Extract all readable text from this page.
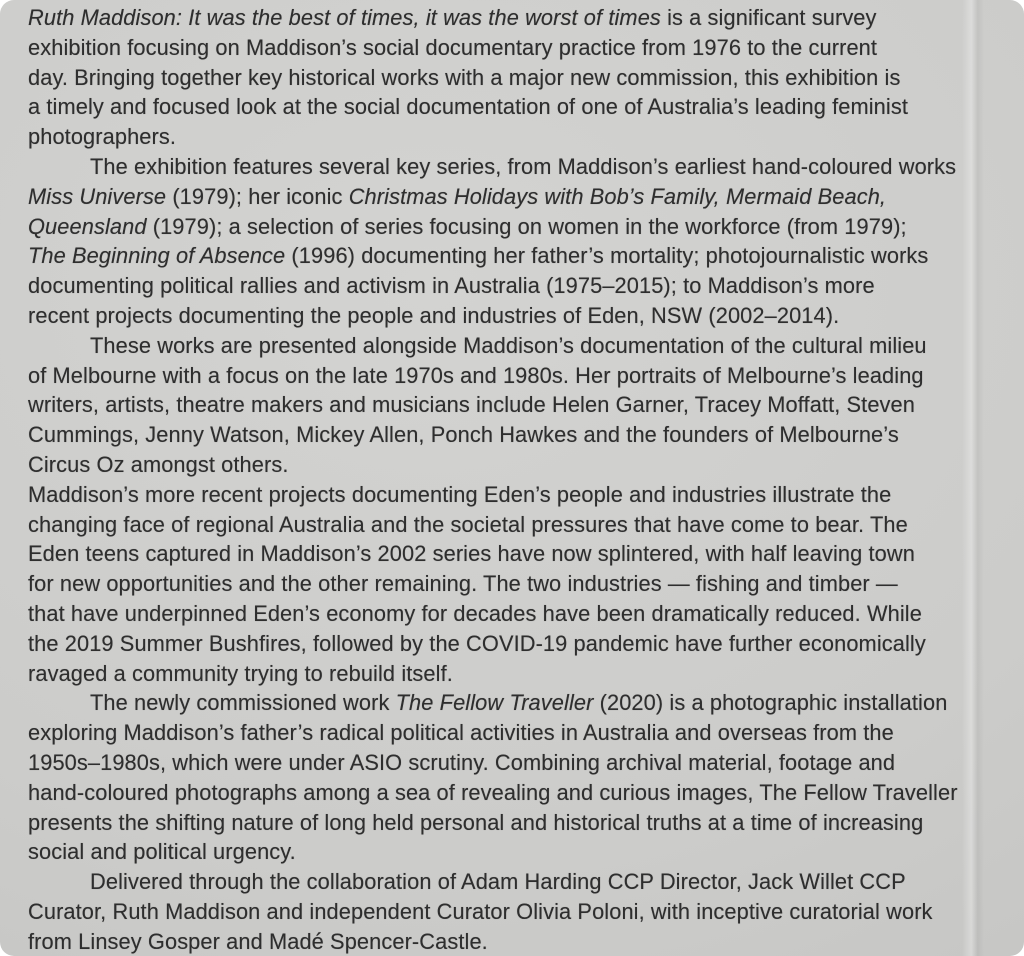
Ruth Maddison: It was the best of times, it was the worst of times is a significant survey
exhibition focusing on Maddison’s social documentary practice from 1976 to the current
day. Bringing together key historical works with a major new commission, this exhibition is
a timely and focused look at the social documentation of one of Australia’s leading feminist
photographers.
The exhibition features several key series, from Maddison’s earliest hand-coloured works
Miss Universe (1979); her iconic Christmas Holidays with Bob’s Family, Mermaid Beach,
Queensland (1979); a selection of series focusing on women in the workforce (from 1979);
The Beginning of Absence (1996) documenting her father’s mortality; photojournalistic works
documenting political rallies and activism in Australia (1975–2015); to Maddison’s more
recent projects documenting the people and industries of Eden, NSW (2002–2014).
These works are presented alongside Maddison’s documentation of the cultural milieu
of Melbourne with a focus on the late 1970s and 1980s. Her portraits of Melbourne’s leading
writers, artists, theatre makers and musicians include Helen Garner, Tracey Moffatt, Steven
Cummings, Jenny Watson, Mickey Allen, Ponch Hawkes and the founders of Melbourne’s
Circus Oz amongst others.
Maddison’s more recent projects documenting Eden’s people and industries illustrate the
changing face of regional Australia and the societal pressures that have come to bear. The
Eden teens captured in Maddison’s 2002 series have now splintered, with half leaving town
for new opportunities and the other remaining. The two industries — fishing and timber —
that have underpinned Eden’s economy for decades have been dramatically reduced. While
the 2019 Summer Bushfires, followed by the COVID-19 pandemic have further economically
ravaged a community trying to rebuild itself.
The newly commissioned work The Fellow Traveller (2020) is a photographic installation
exploring Maddison’s father’s radical political activities in Australia and overseas from the
1950s–1980s, which were under ASIO scrutiny. Combining archival material, footage and
hand-coloured photographs among a sea of revealing and curious images, The Fellow Traveller
presents the shifting nature of long held personal and historical truths at a time of increasing
social and political urgency.
Delivered through the collaboration of Adam Harding CCP Director, Jack Willet CCP
Curator, Ruth Maddison and independent Curator Olivia Poloni, with inceptive curatorial work
from Linsey Gosper and Madé Spencer-Castle.
